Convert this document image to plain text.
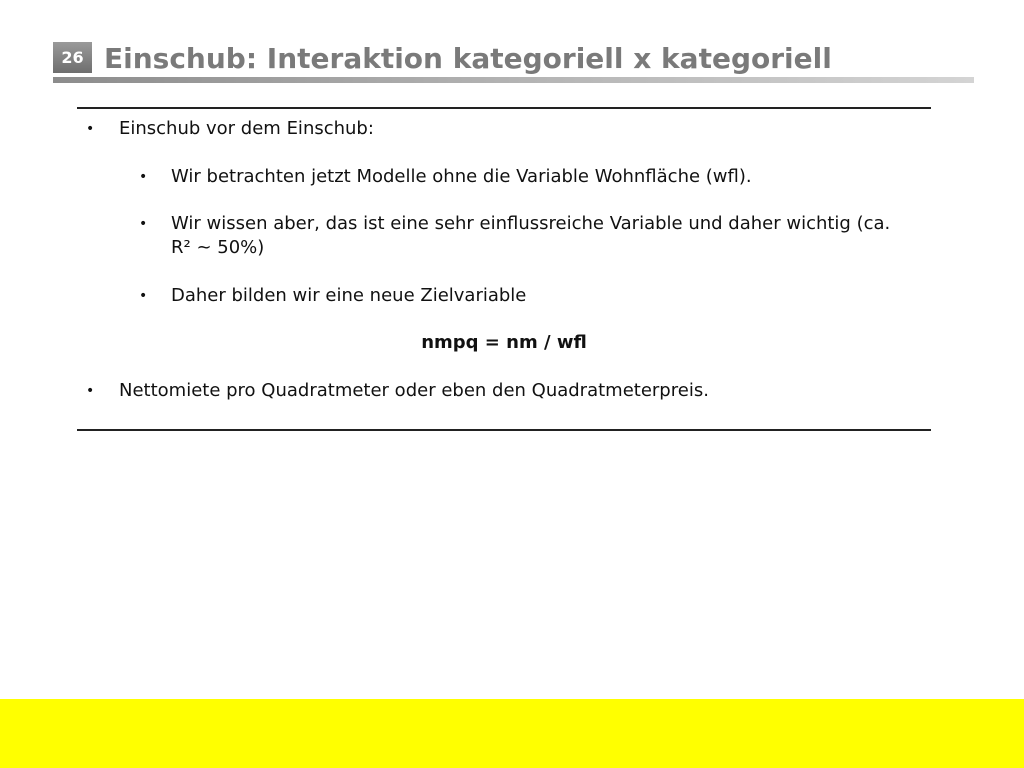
26 Einschub: Interaktion kategoriell x kategoriell
• Einschub vor dem Einschub:
• Wir betrachten jetzt Modelle ohne die Variable Wohnfläche (wfl).
• Wir wissen aber, das ist eine sehr einflussreiche Variable und daher wichtig (ca. R² ~ 50%)
• Daher bilden wir eine neue Zielvariable
nmpq = nm / wfl
• Nettomiete pro Quadratmeter oder eben den Quadratmeterpreis.
